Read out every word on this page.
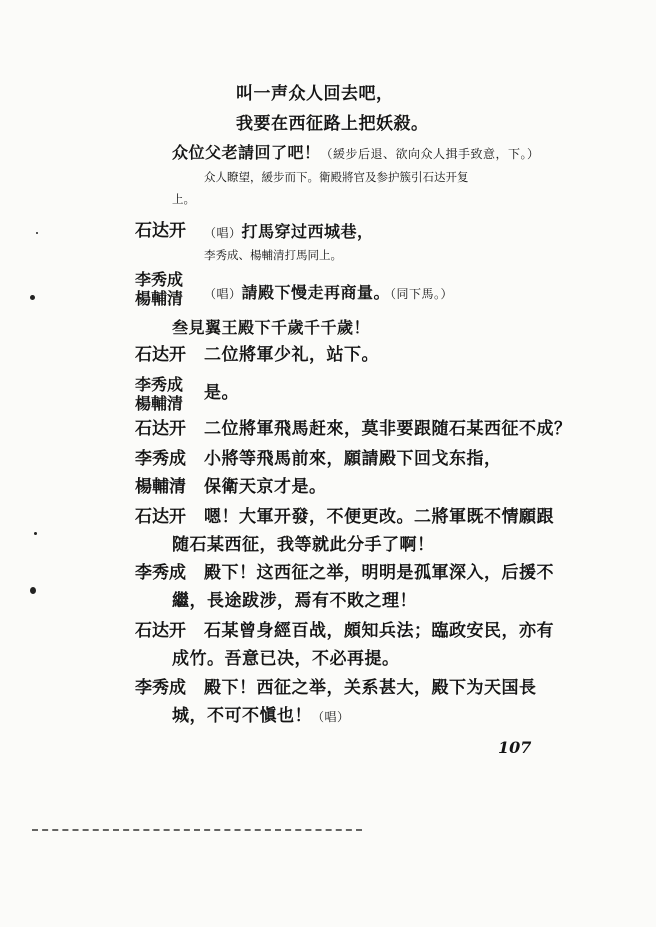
叫一声众人回去吧，
我要在西征路上把妖殺。
众位父老請回了吧！（緩步后退、欲向众人揖手致意，下。）
众人瞭望，緩步而下。衛殿將官及参护簇引石达开复
上。
石达开 （唱）打馬穿过西城巷，
李秀成、楊輔清打馬同上。
李秀成
楊輔清	（唱）請殿下慢走再商量。（同下馬。）
叁見翼王殿下千歲千千歲！
石达开 二位將軍少礼，站下。
李秀成
楊輔清
是。
石达开 二位將軍飛馬赶來，莫非要跟随石某西征不成？
李秀成 小將等飛馬前來，願請殿下回戈东指，
楊輔清 保衛天京才是。
石达开 嗯！大軍开發，不便更改。二將軍既不情願跟
随石某西征，我等就此分手了啊！
李秀成 殿下！这西征之举，明明是孤軍深入，后援不
繼，長途跋涉，焉有不敗之理！
石达开 石某曾身經百战，頗知兵法；臨政安民，亦有
成竹。吾意已决，不必再提。
李秀成 殿下！西征之举，关系甚大，殿下为天国長
城，不可不愼也！（唱）
107
